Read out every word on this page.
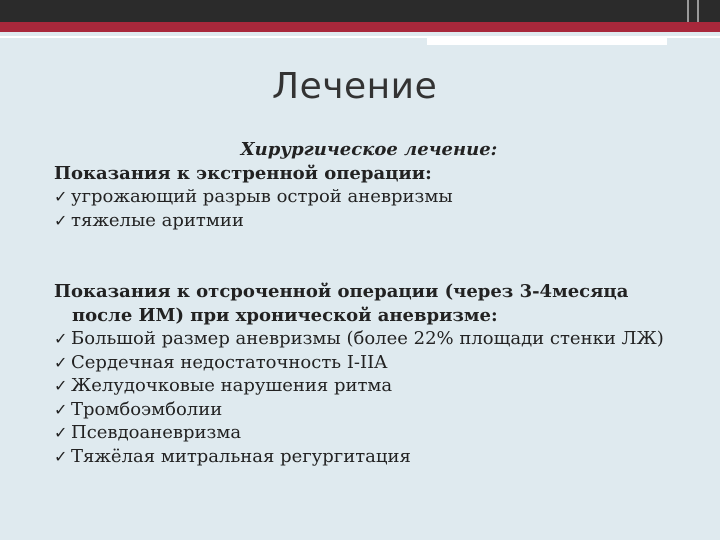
Лечение
Хирургическое лечение:
Показания к экстренной операции:
✓ угрожающий разрыв острой аневризмы
✓ тяжелые аритмии
Показания к отсроченной операции (через 3-4месяца после ИМ) при хронической аневризме:
✓ Большой размер аневризмы (более 22% площади стенки ЛЖ)
✓ Сердечная недостаточность I-IIA
✓ Желудочковые нарушения ритма
✓ Тромбоэмболии
✓ Псевдоаневризма
✓ Тяжёлая митральная регургитация
